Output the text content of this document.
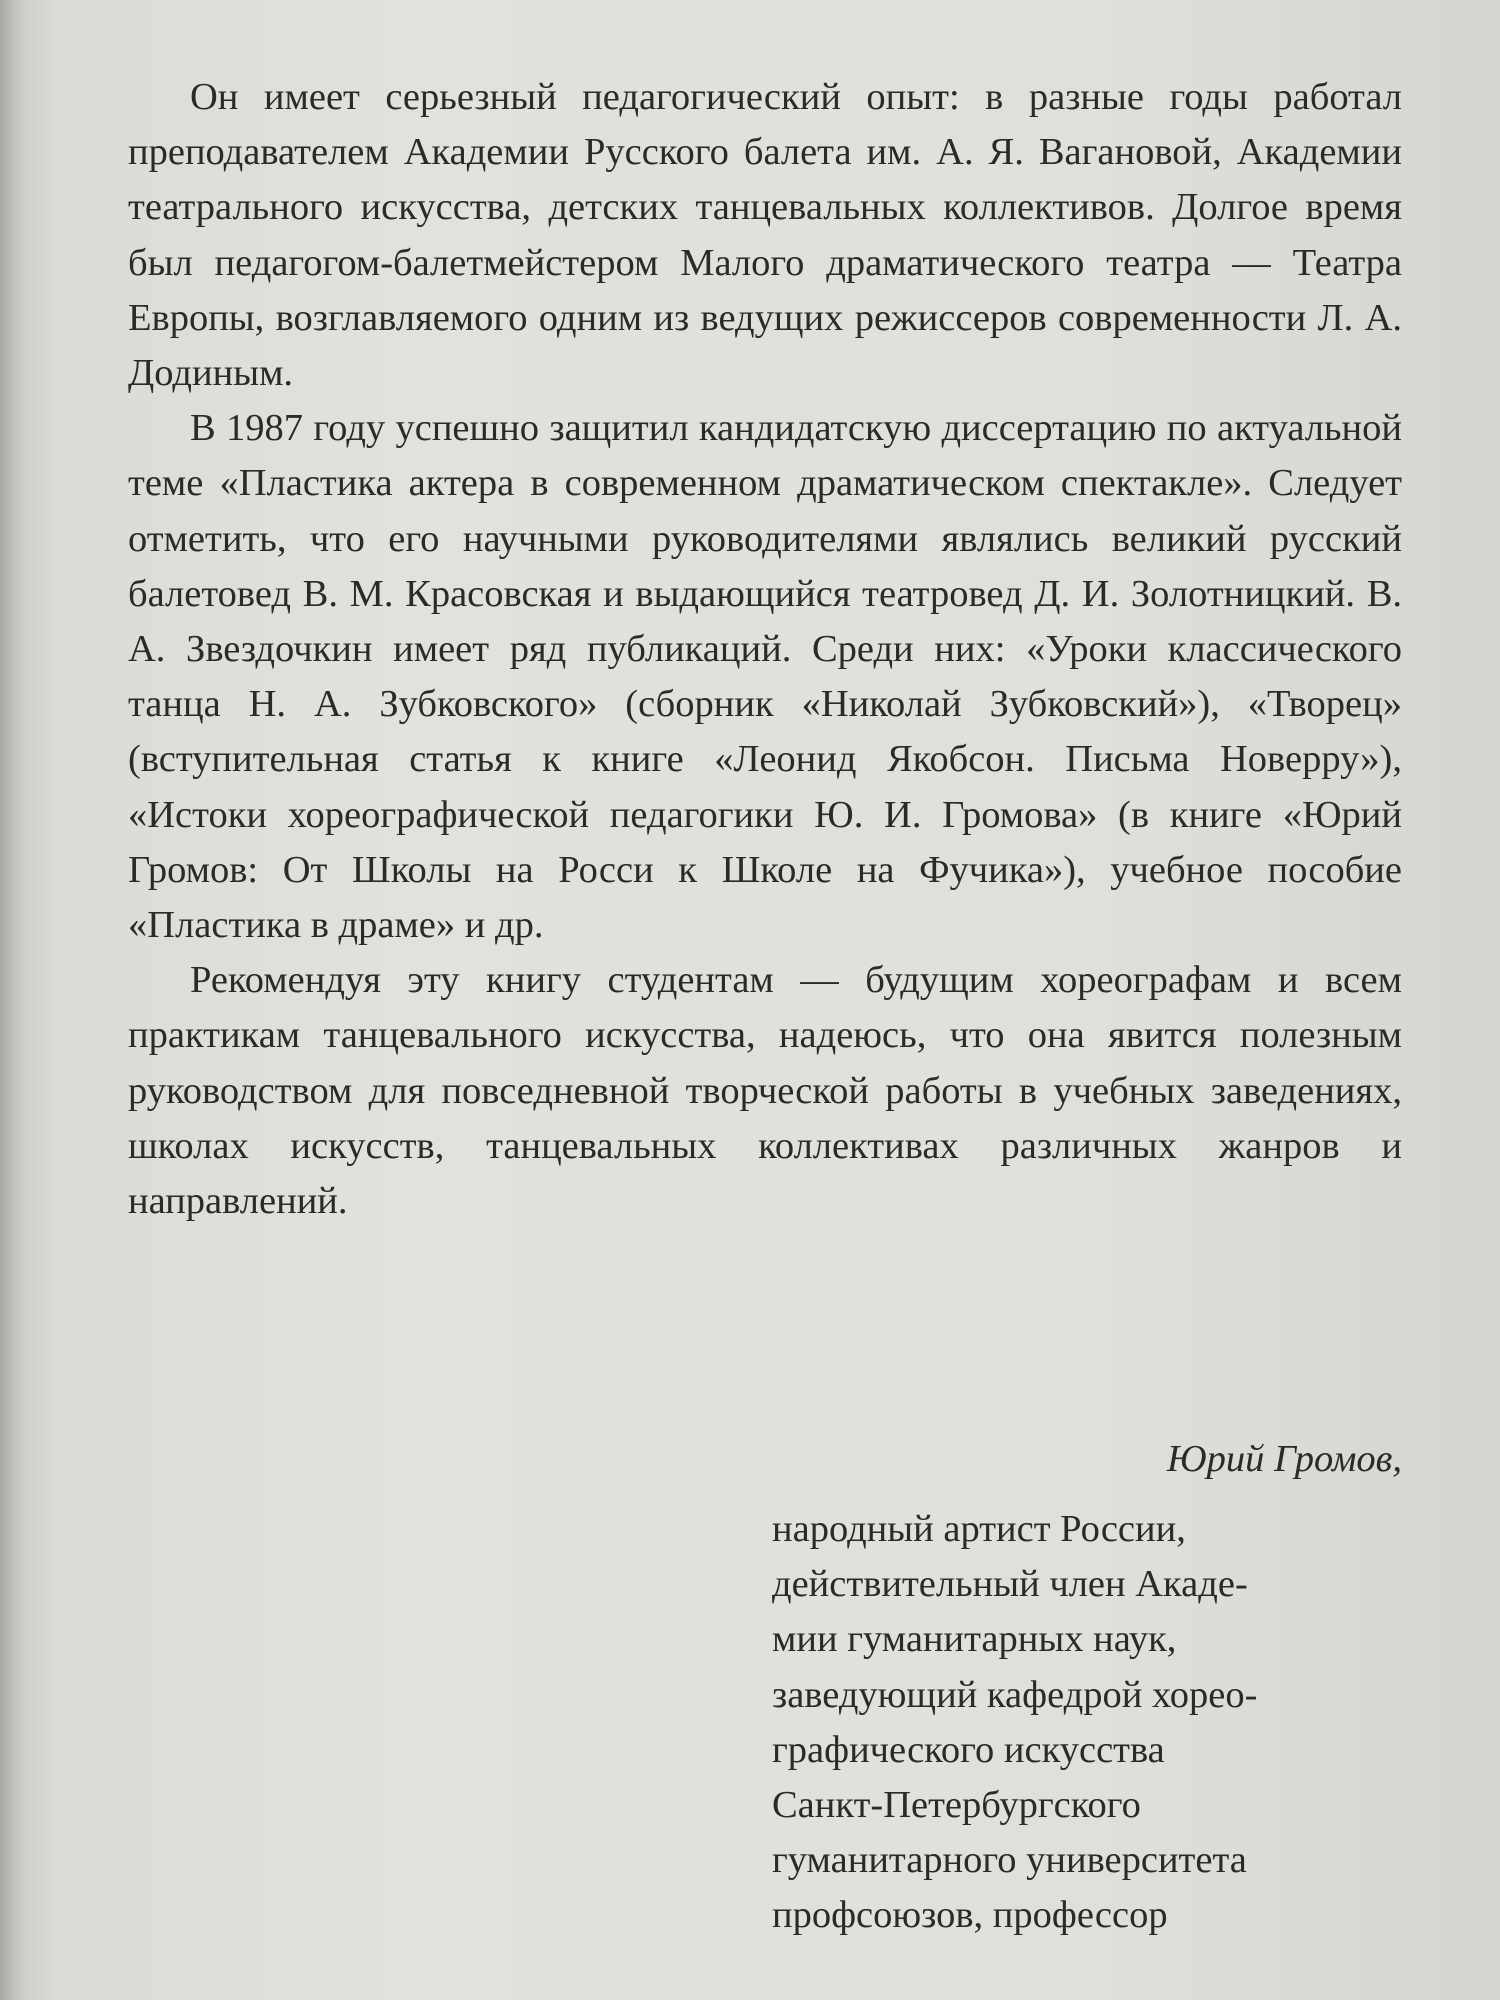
Он имеет серьезный педагогический опыт: в разные годы работал преподавателем Академии Русского балета им. А. Я. Вагановой, Академии театрального искусства, детских танцевальных коллективов. Долгое время был педагогом-балетмейстером Малого драматического театра — Театра Европы, возглавляемого одним из ведущих режиссеров современности Л. А. Додиным.

В 1987 году успешно защитил кандидатскую диссертацию по актуальной теме «Пластика актера в современном драматическом спектакле». Следует отметить, что его научными руководителями являлись великий русский балетовед В. М. Красовская и выдающийся театровед Д. И. Золотницкий. В. А. Звездочкин имеет ряд публикаций. Среди них: «Уроки классического танца Н. А. Зубковского» (сборник «Николай Зубковский»), «Творец» (вступительная статья к книге «Леонид Якобсон. Письма Новерру»), «Истоки хореографической педагогики Ю. И. Громова» (в книге «Юрий Громов: От Школы на Росси к Школе на Фучика»), учебное пособие «Пластика в драме» и др.

Рекомендуя эту книгу студентам — будущим хореографам и всем практикам танцевального искусства, надеюсь, что она явится полезным руководством для повседневной творческой работы в учебных заведениях, школах искусств, танцевальных коллективах различных жанров и направлений.

Юрий Громов,
народный артист России,
действительный член Акаде-
мии гуманитарных наук,
заведующий кафедрой хорео-
графического искусства
Санкт-Петербургского
гуманитарного университета
профсоюзов, профессор
